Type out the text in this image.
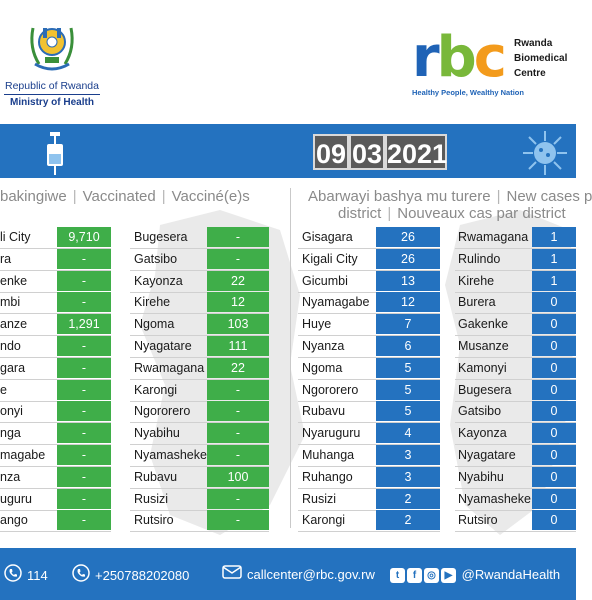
Republic of Rwanda
Ministry of Health
rbc Rwanda
Biomedical
Centre
Healthy People, Wealthy Nation
COVID-19
09 03 2021
bakingiwe | Vaccinated | Vacciné(e)s	Abarwayi bashya mu turere | New cases p
district | Nouveaux cas par district
li City	9,710
ra	-
enke	-
mbi	-
anze	1,291
ndo	-
gara	-
e	-
onyi	-
nga	-
magabe	-
nza	-
uguru	-
ango	-
Bugesera	-
Gatsibo	-
Kayonza	22
Kirehe	12
Ngoma	103
Nyagatare	111
Rwamagana	22
Karongi	-
Ngororero	-
Nyabihu	-
Nyamasheke	-
Rubavu	100
Rusizi	-
Rutsiro	-
Gisagara	26
Kigali City	26
Gicumbi	13
Nyamagabe	12
Huye	7
Nyanza	6
Ngoma	5
Ngororero	5
Rubavu	5
Nyaruguru	4
Muhanga	3
Ruhango	3
Rusizi	2
Karongi	2
Rwamagana	1
Rulindo	1
Kirehe	1
Burera	0
Gakenke	0
Musanze	0
Kamonyi	0
Bugesera	0
Gatsibo	0
Kayonza	0
Nyagatare	0
Nyabihu	0
Nyamasheke	0
Rutsiro	0
114	+250788202080	callcenter@rbc.gov.rw	t f ◎ ▶ @RwandaHealth
